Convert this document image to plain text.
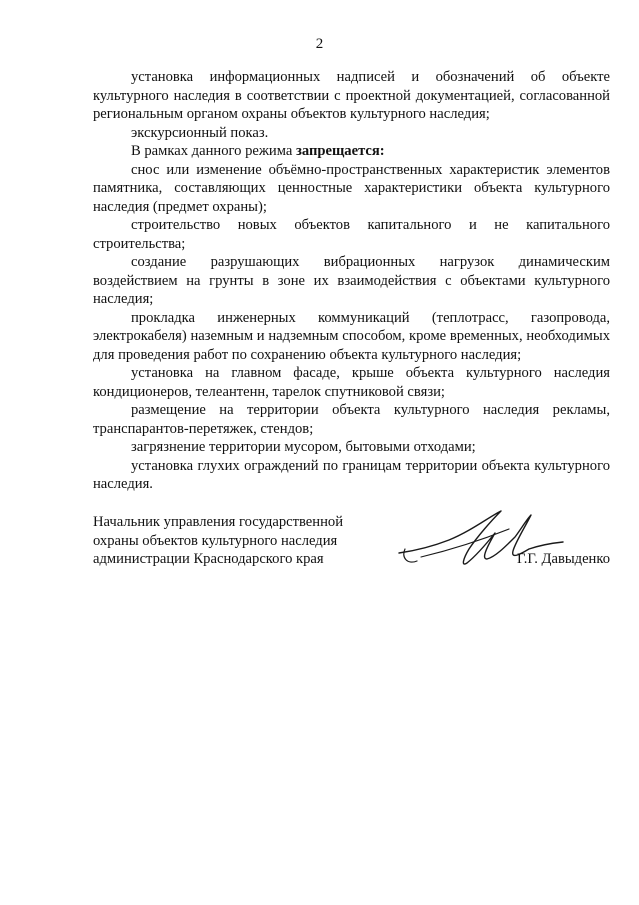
2

установка информационных надписей и обозначений об объекте культурного наследия в соответствии с проектной документацией, согласованной региональным органом охраны объектов культурного наследия;

экскурсионный показ.

В рамках данного режима запрещается:

снос или изменение объёмно-пространственных характеристик элементов памятника, составляющих ценностные характеристики объекта культурного наследия (предмет охраны);

строительство новых объектов капитального и не капитального строительства;

создание разрушающих вибрационных нагрузок динамическим воздействием на грунты в зоне их взаимодействия с объектами культурного наследия;

прокладка инженерных коммуникаций (теплотрасс, газопровода, электрокабеля) наземным и надземным способом, кроме временных, необходимых для проведения работ по сохранению объекта культурного наследия;

установка на главном фасаде, крыше объекта культурного наследия кондиционеров, телеантенн, тарелок спутниковой связи;

размещение на территории объекта культурного наследия рекламы, транспарантов-перетяжек, стендов;

загрязнение территории мусором, бытовыми отходами;

установка глухих ограждений по границам территории объекта культурного наследия.

Начальник управления государственной
охраны объектов культурного наследия
администрации Краснодарского края	Г.Г. Давыденко
